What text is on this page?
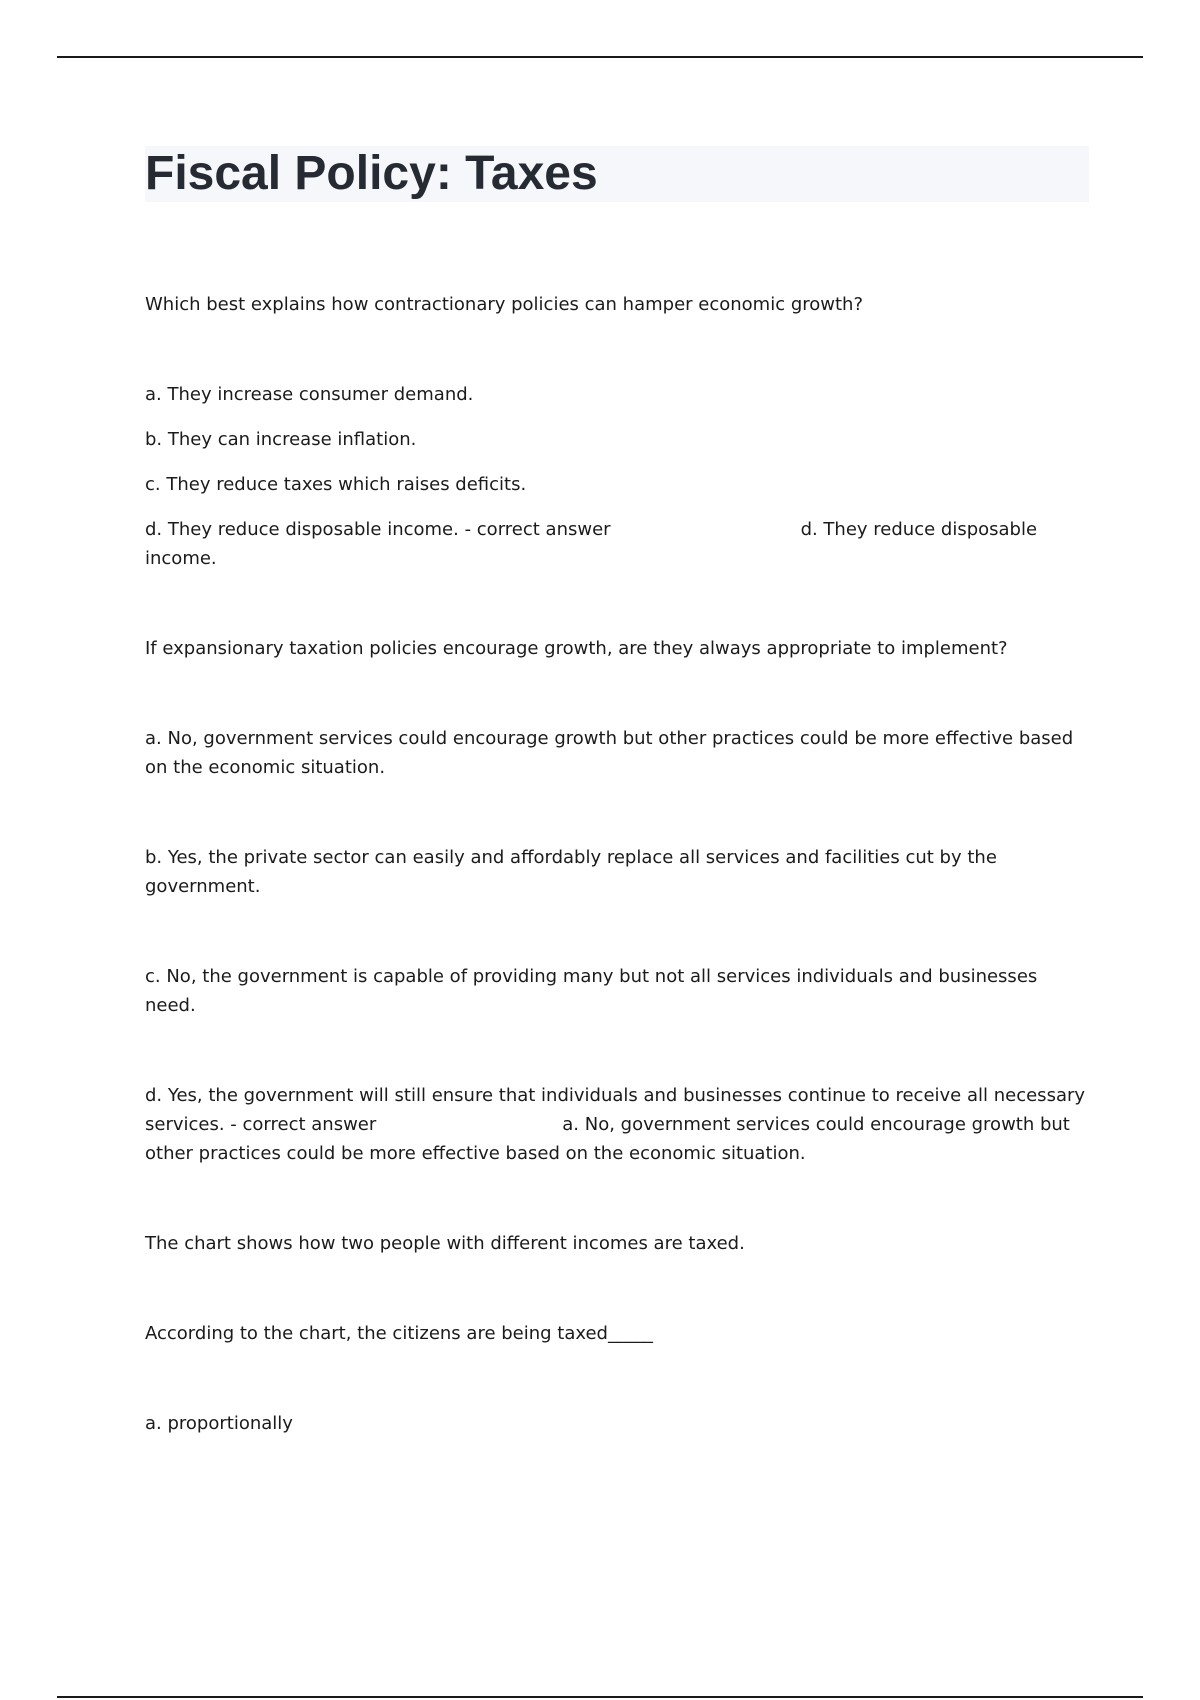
Fiscal Policy: Taxes

Which best explains how contractionary policies can hamper economic growth?

a. They increase consumer demand.

b. They can increase inflation.

c. They reduce taxes which raises deficits.

d. They reduce disposable income. - correct answer	d. They reduce disposable
income.

If expansionary taxation policies encourage growth, are they always appropriate to implement?

a. No, government services could encourage growth but other practices could be more effective based on the economic situation.

b. Yes, the private sector can easily and affordably replace all services and facilities cut by the government.

c. No, the government is capable of providing many but not all services individuals and businesses need.

d. Yes, the government will still ensure that individuals and businesses continue to receive all necessary services. - correct answer	a. No, government services could encourage growth but
other practices could be more effective based on the economic situation.

The chart shows how two people with different incomes are taxed.

According to the chart, the citizens are being taxed_____

a. proportionally
